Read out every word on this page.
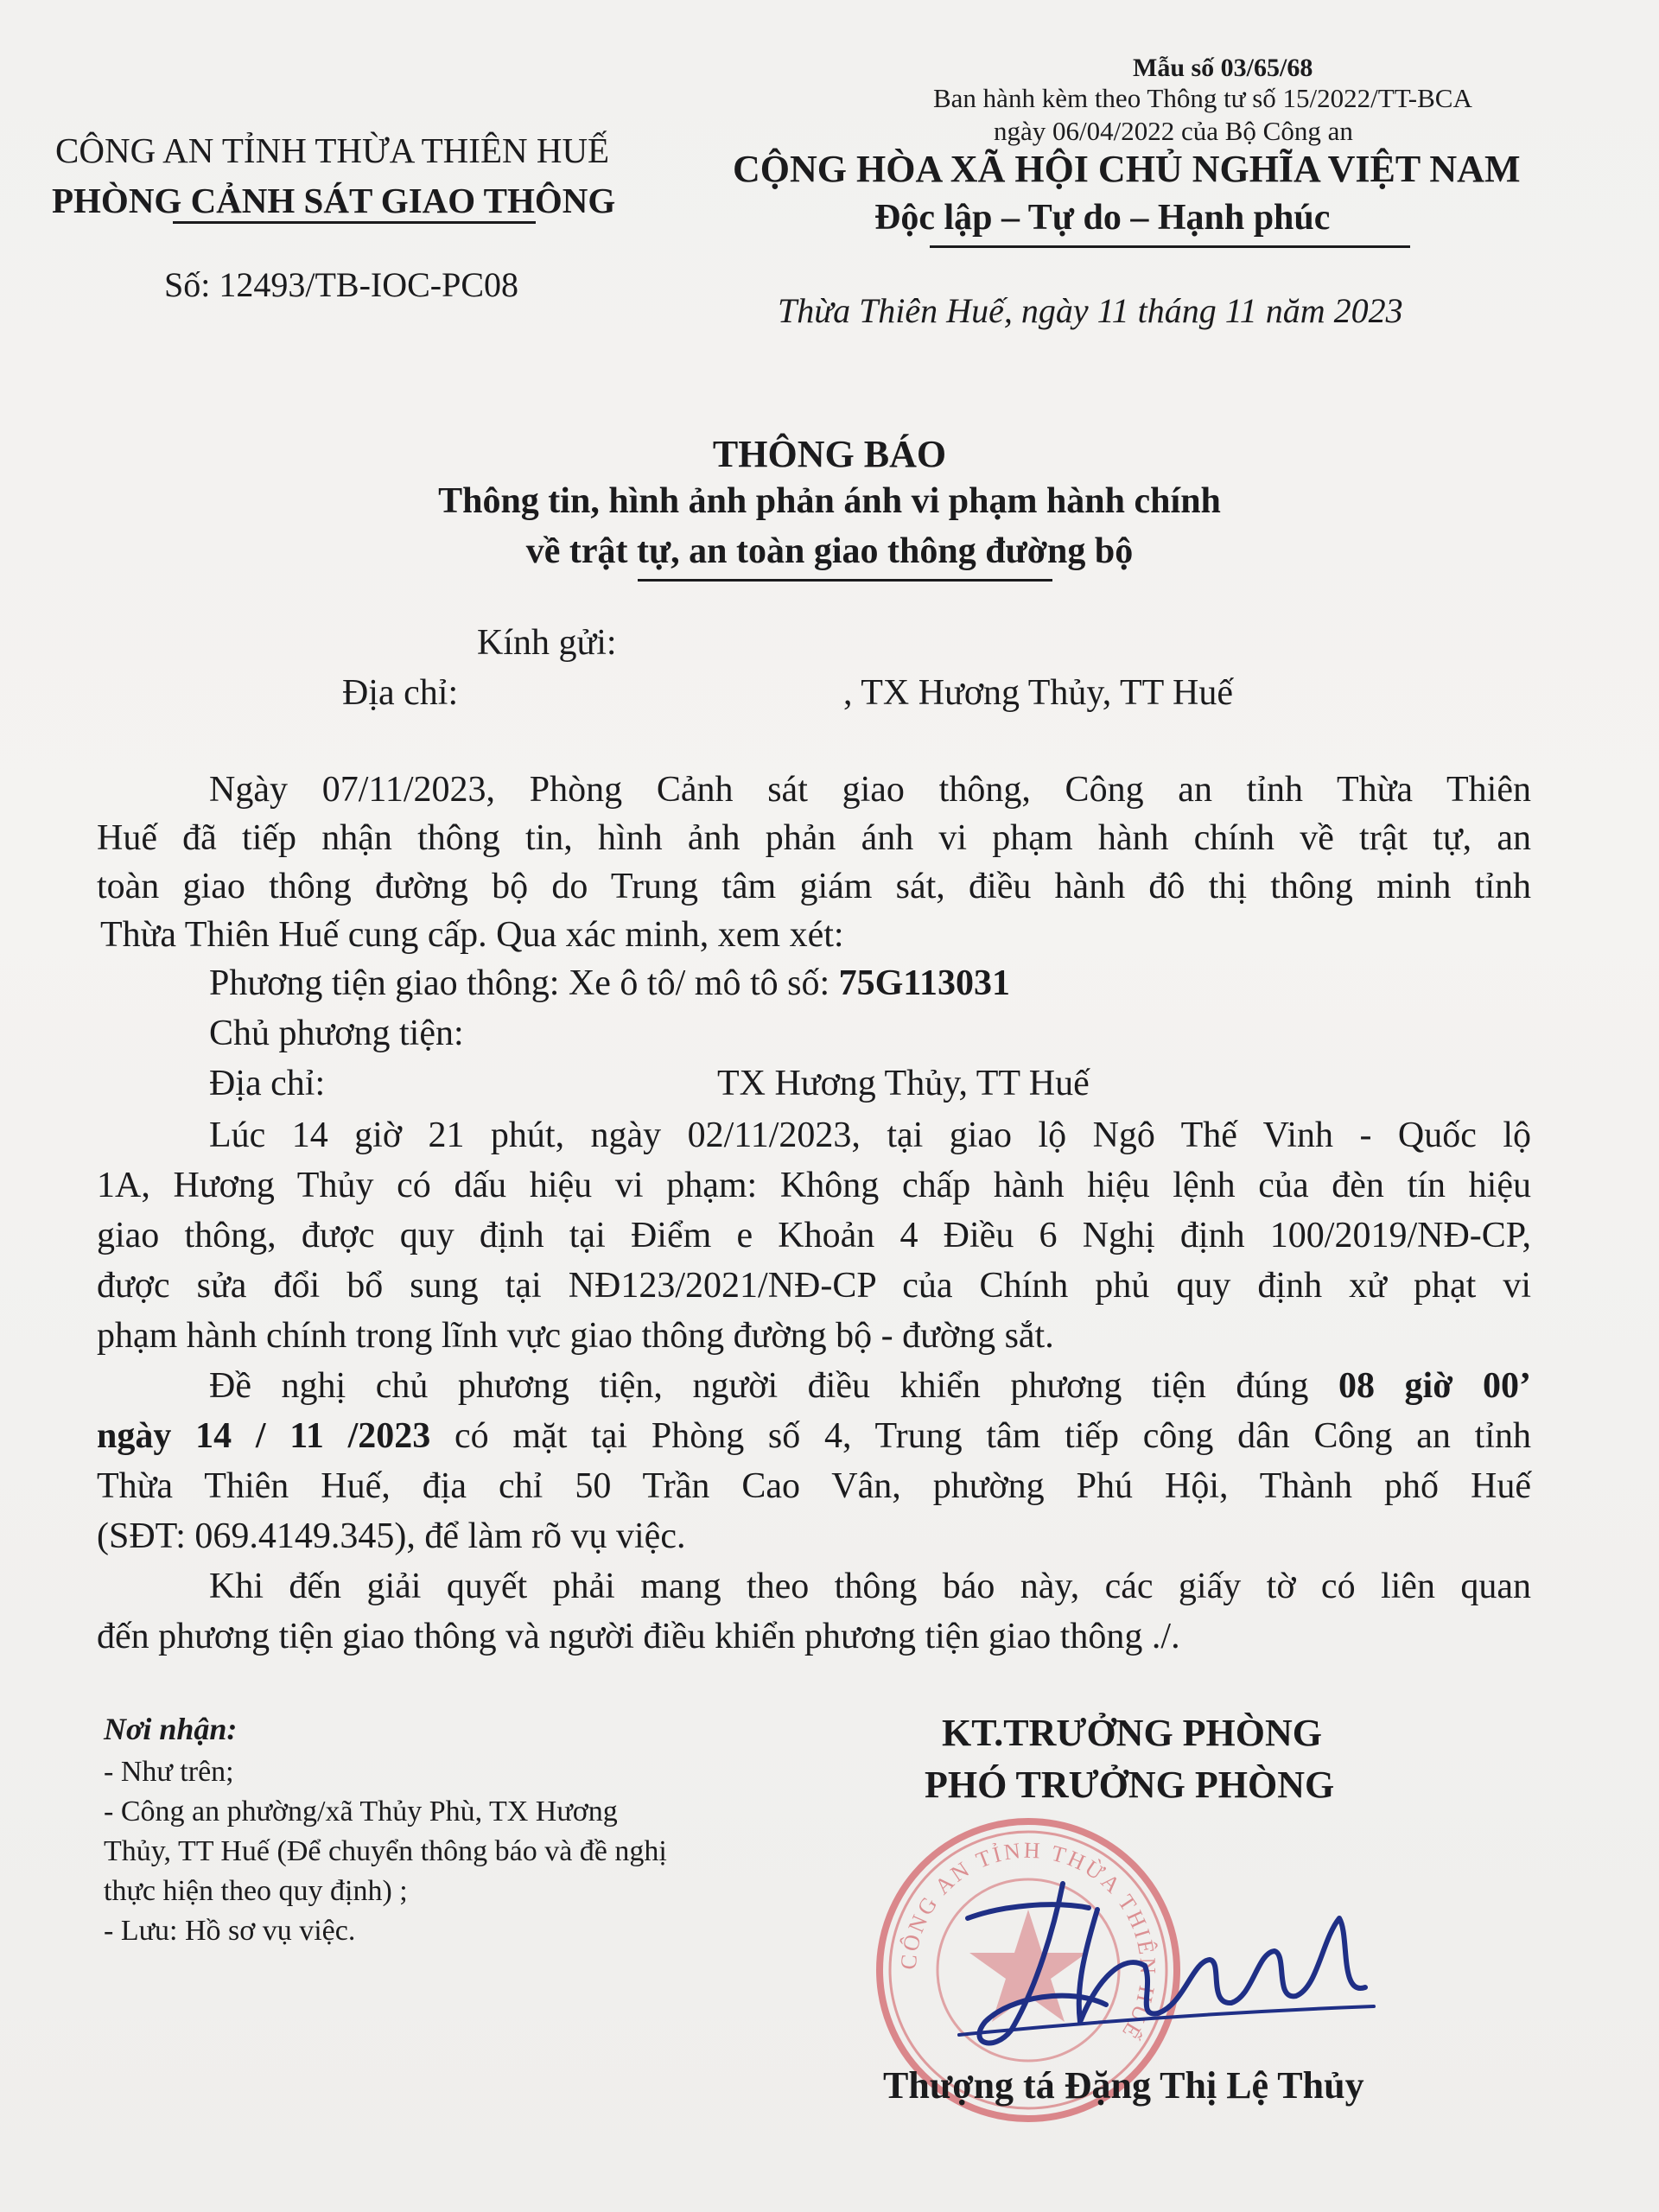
Mẫu số 03/65/68
Ban hành kèm theo Thông tư số 15/2022/TT-BCA
ngày 06/04/2022 của Bộ Công an
CÔNG AN TỈNH THỪA THIÊN HUẾ
PHÒNG CẢNH SÁT GIAO THÔNG
CỘNG HÒA XÃ HỘI CHỦ NGHĨA VIỆT NAM
Độc lập – Tự do – Hạnh phúc
Số: 12493/TB-IOC-PC08
Thừa Thiên Huế, ngày 11 tháng 11 năm 2023
THÔNG BÁO
Thông tin, hình ảnh phản ánh vi phạm hành chính
về trật tự, an toàn giao thông đường bộ
Kính gửi:
Địa chỉ:	, TX Hương Thủy, TT Huế
Ngày 07/11/2023, Phòng Cảnh sát giao thông, Công an tỉnh Thừa Thiên
Huế đã tiếp nhận thông tin, hình ảnh phản ánh vi phạm hành chính về trật tự, an
toàn giao thông đường bộ do Trung tâm giám sát, điều hành đô thị thông minh tỉnh
Thừa Thiên Huế cung cấp. Qua xác minh, xem xét:
Phương tiện giao thông: Xe ô tô/ mô tô số: 75G113031
Chủ phương tiện:
Địa chỉ:	TX Hương Thủy, TT Huế
Lúc 14 giờ 21 phút, ngày 02/11/2023, tại giao lộ Ngô Thế Vinh - Quốc lộ
1A, Hương Thủy có dấu hiệu vi phạm: Không chấp hành hiệu lệnh của đèn tín hiệu
giao thông, được quy định tại Điểm e Khoản 4 Điều 6 Nghị định 100/2019/NĐ-CP,
được sửa đổi bổ sung tại NĐ123/2021/NĐ-CP của Chính phủ quy định xử phạt vi
phạm hành chính trong lĩnh vực giao thông đường bộ - đường sắt.
Đề nghị chủ phương tiện, người điều khiển phương tiện đúng 08 giờ 00’
ngày 14 / 11 /2023 có mặt tại Phòng số 4, Trung tâm tiếp công dân Công an tỉnh
Thừa Thiên Huế, địa chỉ 50 Trần Cao Vân, phường Phú Hội, Thành phố Huế
(SĐT: 069.4149.345), để làm rõ vụ việc.
Khi đến giải quyết phải mang theo thông báo này, các giấy tờ có liên quan
đến phương tiện giao thông và người điều khiển phương tiện giao thông ./.
Nơi nhận:
- Như trên;
- Công an phường/xã Thủy Phù, TX Hương
Thủy, TT Huế (Để chuyển thông báo và đề nghị
thực hiện theo quy định) ;
- Lưu: Hồ sơ vụ việc.
KT.TRƯỞNG PHÒNG
PHÓ TRƯỞNG PHÒNG
CÔNG AN TỈNH THỪA THIÊN HUẾ
Thượng tá Đặng Thị Lệ Thủy
